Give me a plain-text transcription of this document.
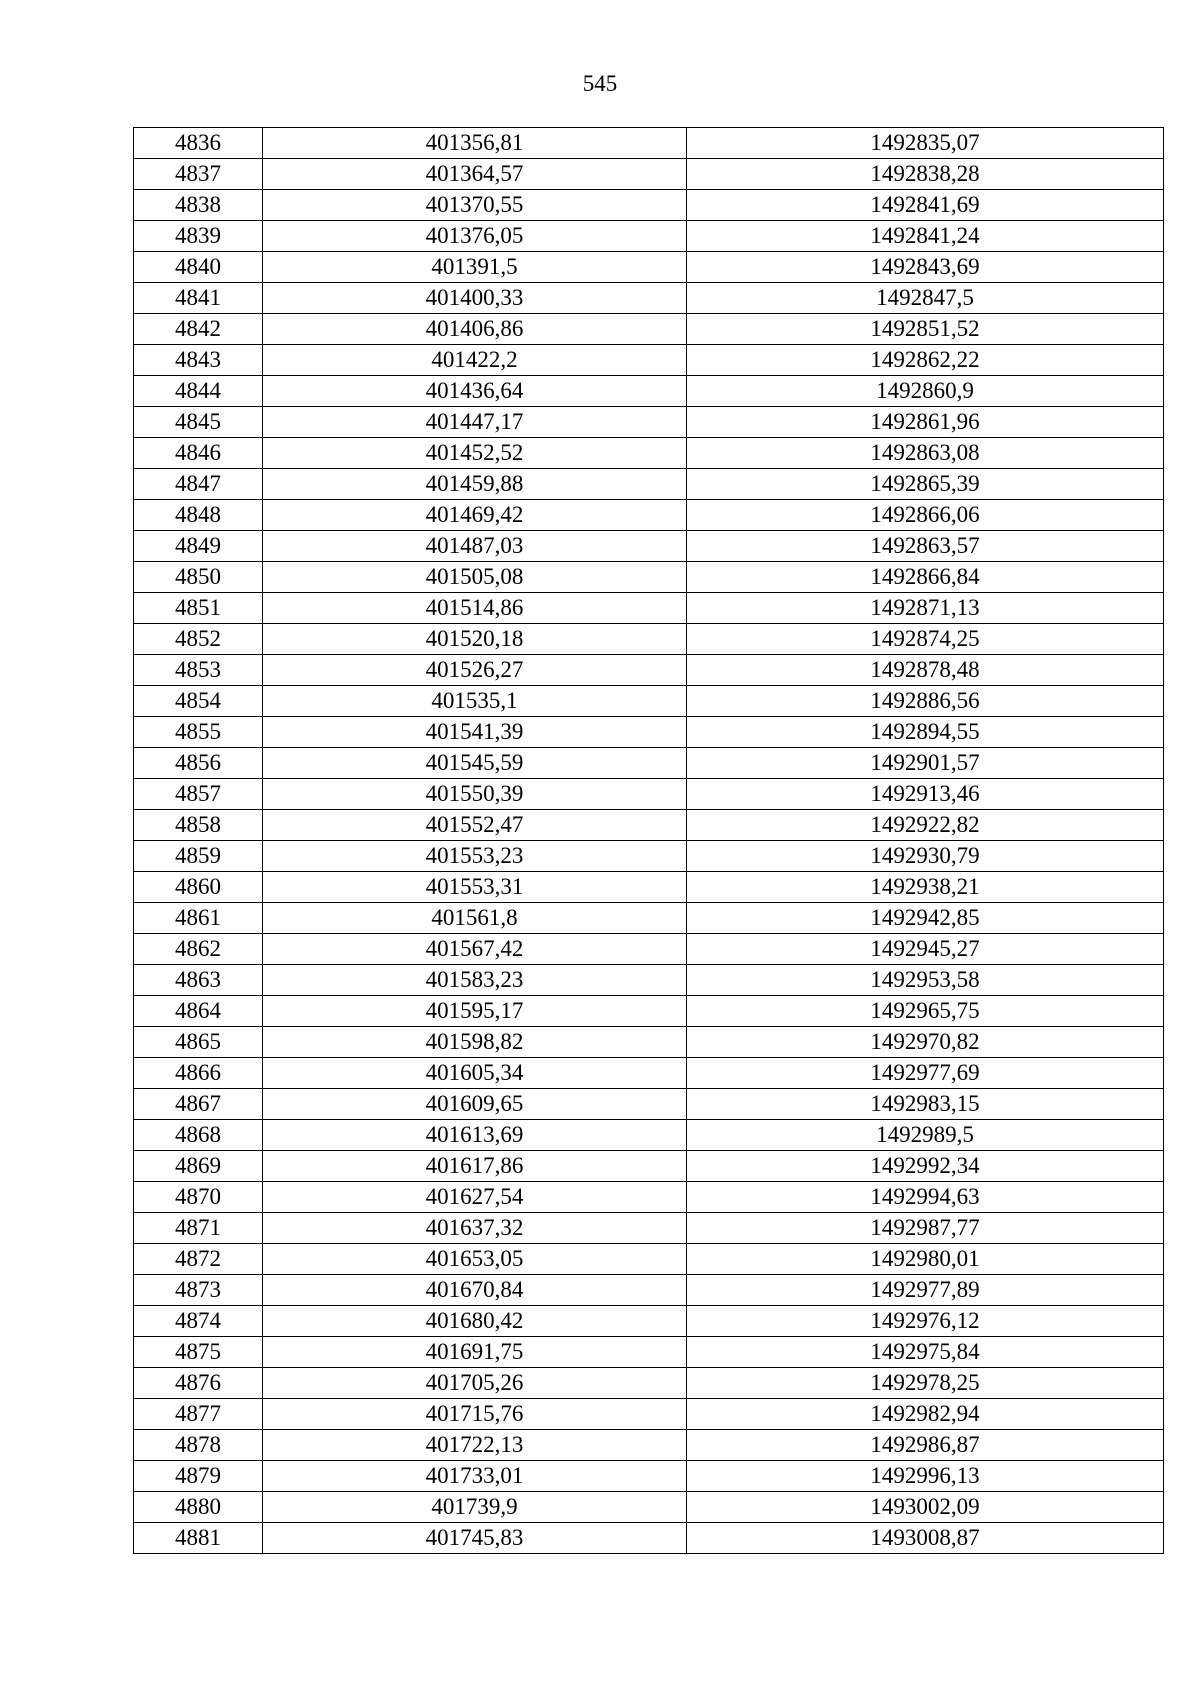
545
4836	401356,81	1492835,07
4837	401364,57	1492838,28
4838	401370,55	1492841,69
4839	401376,05	1492841,24
4840	401391,5	1492843,69
4841	401400,33	1492847,5
4842	401406,86	1492851,52
4843	401422,2	1492862,22
4844	401436,64	1492860,9
4845	401447,17	1492861,96
4846	401452,52	1492863,08
4847	401459,88	1492865,39
4848	401469,42	1492866,06
4849	401487,03	1492863,57
4850	401505,08	1492866,84
4851	401514,86	1492871,13
4852	401520,18	1492874,25
4853	401526,27	1492878,48
4854	401535,1	1492886,56
4855	401541,39	1492894,55
4856	401545,59	1492901,57
4857	401550,39	1492913,46
4858	401552,47	1492922,82
4859	401553,23	1492930,79
4860	401553,31	1492938,21
4861	401561,8	1492942,85
4862	401567,42	1492945,27
4863	401583,23	1492953,58
4864	401595,17	1492965,75
4865	401598,82	1492970,82
4866	401605,34	1492977,69
4867	401609,65	1492983,15
4868	401613,69	1492989,5
4869	401617,86	1492992,34
4870	401627,54	1492994,63
4871	401637,32	1492987,77
4872	401653,05	1492980,01
4873	401670,84	1492977,89
4874	401680,42	1492976,12
4875	401691,75	1492975,84
4876	401705,26	1492978,25
4877	401715,76	1492982,94
4878	401722,13	1492986,87
4879	401733,01	1492996,13
4880	401739,9	1493002,09
4881	401745,83	1493008,87
